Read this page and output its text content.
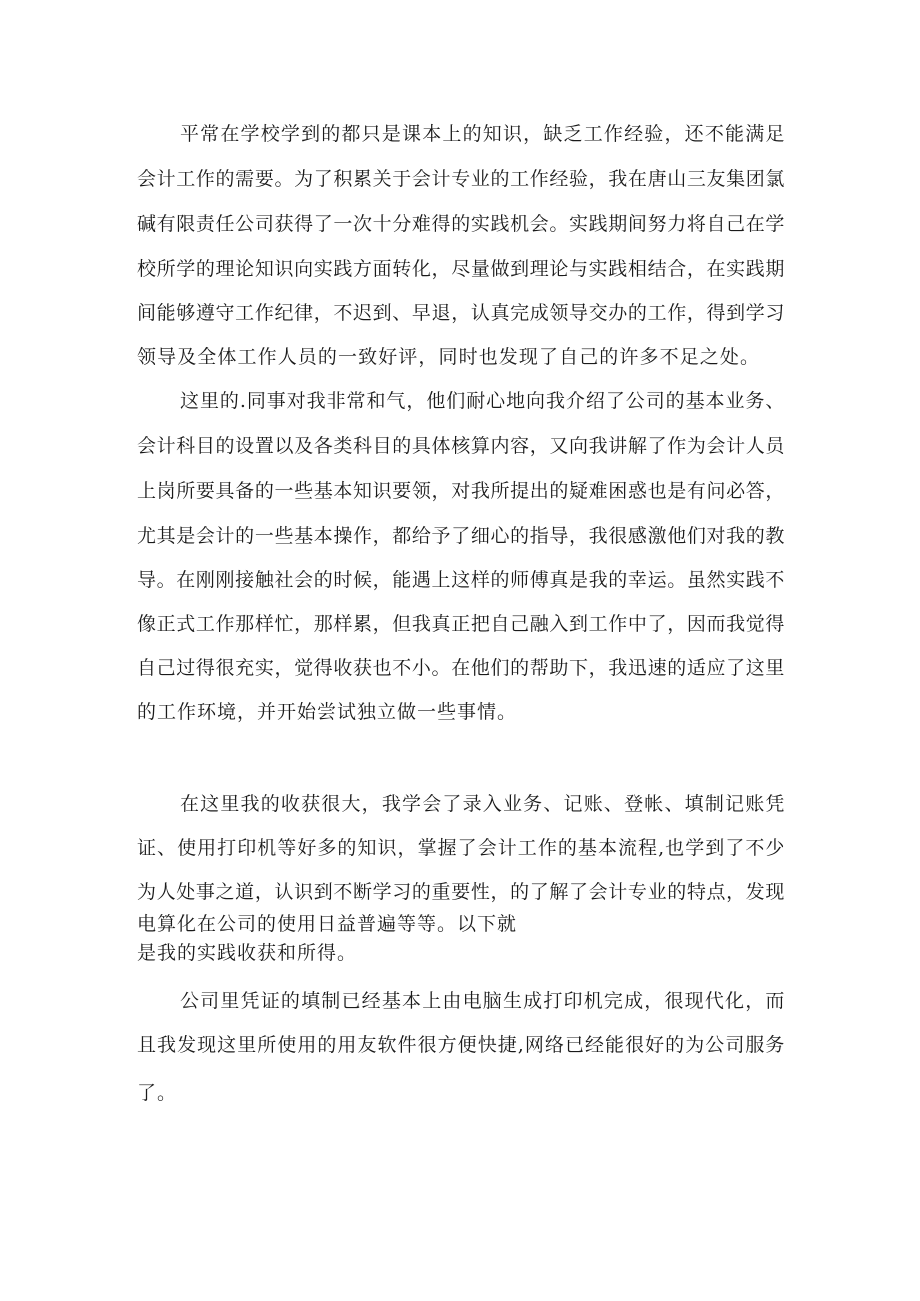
平常在学校学到的都只是课本上的知识，缺乏工作经验，还不能满足
会计工作的需要。为了积累关于会计专业的工作经验，我在唐山三友集团氯
碱有限责任公司获得了一次十分难得的实践机会。实践期间努力将自己在学
校所学的理论知识向实践方面转化，尽量做到理论与实践相结合，在实践期
间能够遵守工作纪律，不迟到、早退，认真完成领导交办的工作，得到学习
领导及全体工作人员的一致好评，同时也发现了自己的许多不足之处。
这里的.同事对我非常和气，他们耐心地向我介绍了公司的基本业务、
会计科目的设置以及各类科目的具体核算内容，又向我讲解了作为会计人员
上岗所要具备的一些基本知识要领，对我所提出的疑难困惑也是有问必答，
尤其是会计的一些基本操作，都给予了细心的指导，我很感激他们对我的教
导。在刚刚接触社会的时候，能遇上这样的师傅真是我的幸运。虽然实践不
像正式工作那样忙，那样累，但我真正把自己融入到工作中了，因而我觉得
自己过得很充实，觉得收获也不小。在他们的帮助下，我迅速的适应了这里
的工作环境，并开始尝试独立做一些事情。
在这里我的收获很大，我学会了录入业务、记账、登帐、填制记账凭
证、使用打印机等好多的知识，掌握了会计工作的基本流程,也学到了不少
为人处事之道，认识到不断学习的重要性，的了解了会计专业的特点，发现
电算化在公司的使用日益普遍等等。以下就
是我的实践收获和所得。
公司里凭证的填制已经基本上由电脑生成打印机完成，很现代化，而
且我发现这里所使用的用友软件很方便快捷,网络已经能很好的为公司服务
了。
